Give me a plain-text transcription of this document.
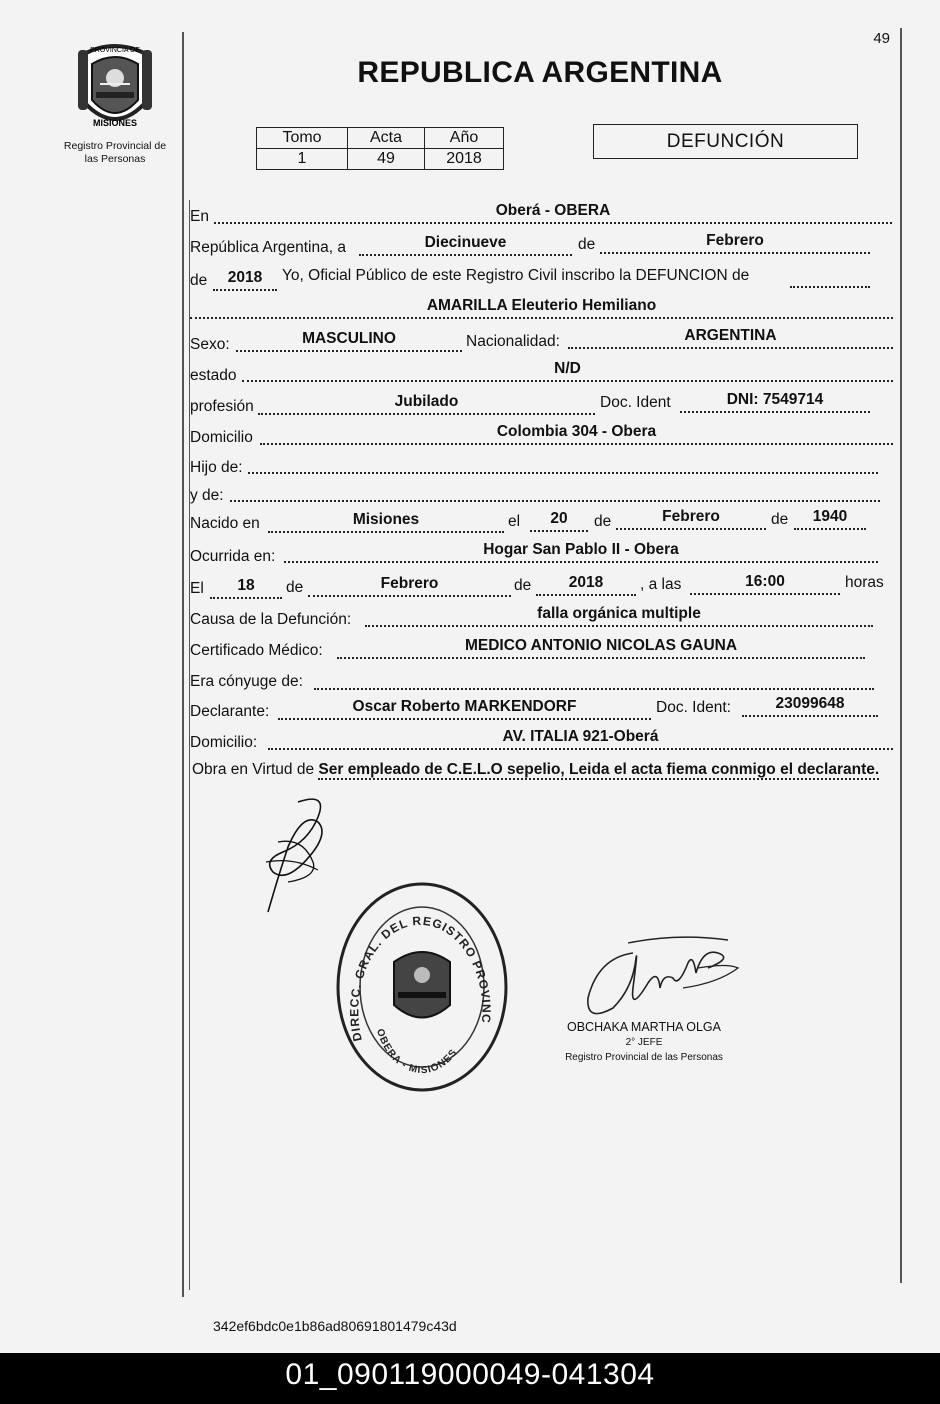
49
PROVINCIA DE
MISIONES
Registro Provincial de
las Personas
REPUBLICA ARGENTINA
Tomo	Acta	Año
1	49	2018
DEFUNCIÓN
En	Oberá - OBERA
República Argentina, a	Diecinueve	de	Febrero
de	2018	Yo, Oficial Público de este Registro Civil inscribo la DEFUNCION de
AMARILLA Eleuterio Hemiliano
Sexo:	MASCULINO	Nacionalidad:	ARGENTINA
estado	N/D
profesión	Jubilado	Doc. Ident	DNI: 7549714
Domicilio	Colombia 304 - Obera
Hijo de:
y de:
Nacido en	Misiones	el	20	de	Febrero	de	1940
Ocurrida en:	Hogar San Pablo II - Obera
El	18	de	Febrero	de	2018	, a las	16:00	horas
Causa de la Defunción:	falla orgánica multiple
Certificado Médico:	MEDICO ANTONIO NICOLAS GAUNA
Era cónyuge de:
Declarante:	Oscar Roberto MARKENDORF	Doc. Ident:	23099648
Domicilio:	AV. ITALIA 921-Oberá
Obra en Virtud de Ser empleado de C.E.L.O sepelio, Leida el acta fiema conmigo el declarante.
DIRECC. GRAL. DEL REGISTRO PROVINC
OBERA - MISIONES
OBCHAKA MARTHA OLGA
2° JEFE
Registro Provincial de las Personas
342ef6bdc0e1b86ad80691801479c43d
01_090119000049-041304
